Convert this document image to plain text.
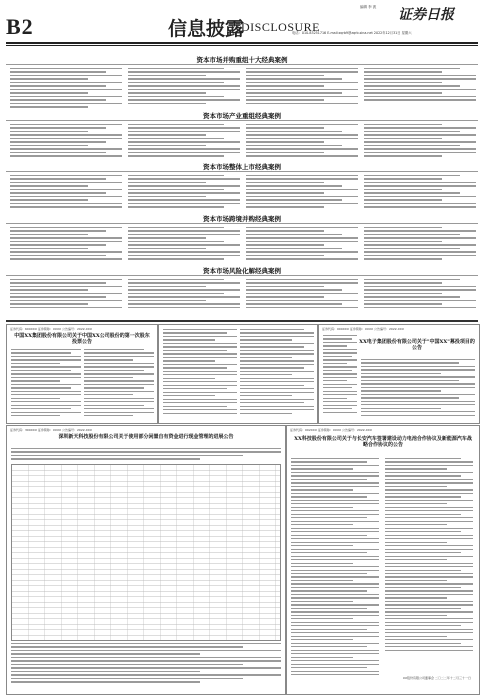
B2	信息披露
DISCLOSURE
编辑 李 波 证券日报
电话：010-83251716 E-mail:zqrb9@zqrb.sina.net 2022年12月31日 星期六
资本市场并购重组十大经典案例
资本市场产业重组经典案例
资本市场整体上市经典案例
资本市场跨境并购经典案例
资本市场风险化解经典案例
证券代码：600XXX 证券简称：XXXX 公告编号：2022-XXX
中国XX集团股份有限公司关于中国XX公司股份的第一次股东投票公告
证券代码：000XXX 证券简称：XXXX 公告编号：2022-XXX
XX电子集团股份有限公司关于"中国XX"募投项目的公告
证券代码：300XXX 证券简称：XXXX 公告编号：2022-XXX
深圳新天科技股份有限公司关于使用部分闲置自有资金进行现金管理的进展公告
证券代码：002XXX 证券简称：XXXX 公告编号：2022-XXX
XX科技股份有限公司关于与长安汽车签署建设动力电池合作协议及新能源汽车战略合作协议的公告
XX股份有限公司董事会 二〇二二年十二月三十一日
